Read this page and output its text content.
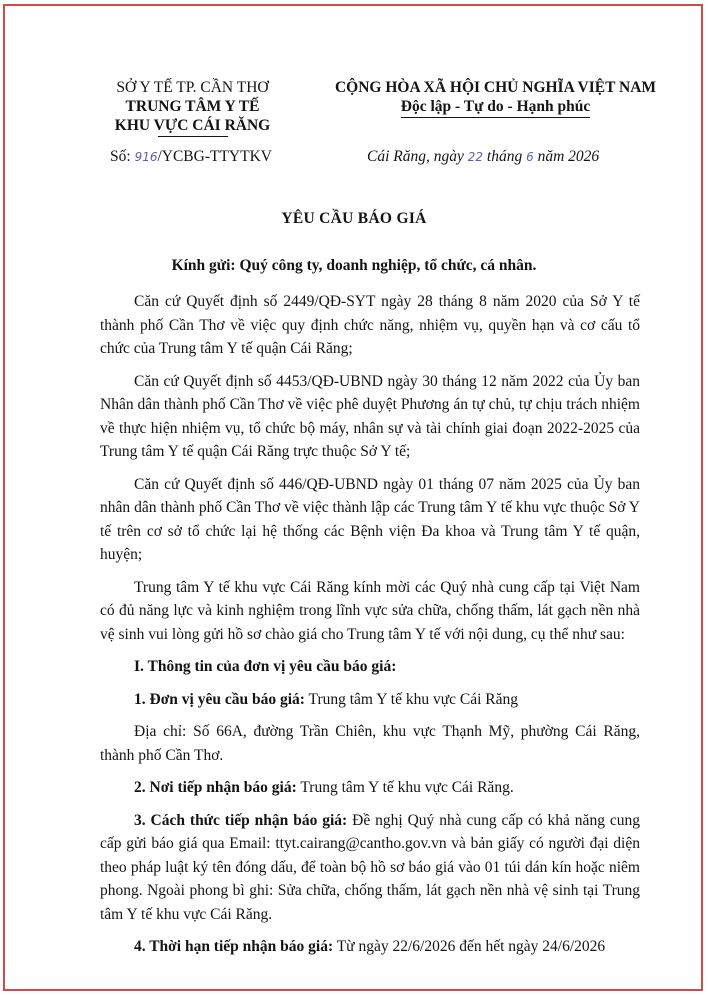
SỞ Y TẾ TP. CẦN THƠ
TRUNG TÂM Y TẾ
KHU VỰC CÁI RĂNG
CỘNG HÒA XÃ HỘI CHỦ NGHĨA VIỆT NAM
Độc lập - Tự do - Hạnh phúc
Số: 916/YCBG-TTYTKV	Cái Răng, ngày 22 tháng 6 năm 2026
YÊU CẦU BÁO GIÁ
Kính gửi: Quý công ty, doanh nghiệp, tổ chức, cá nhân.

Căn cứ Quyết định số 2449/QĐ-SYT ngày 28 tháng 8 năm 2020 của Sở Y tế thành phố Cần Thơ về việc quy định chức năng, nhiệm vụ, quyền hạn và cơ cấu tổ chức của Trung tâm Y tế quận Cái Răng;

Căn cứ Quyết định số 4453/QĐ-UBND ngày 30 tháng 12 năm 2022 của Ủy ban Nhân dân thành phố Cần Thơ về việc phê duyệt Phương án tự chủ, tự chịu trách nhiệm về thực hiện nhiệm vụ, tổ chức bộ máy, nhân sự và tài chính giai đoạn 2022-2025 của Trung tâm Y tế quận Cái Răng trực thuộc Sở Y tế;

Căn cứ Quyết định số 446/QĐ-UBND ngày 01 tháng 07 năm 2025 của Ủy ban nhân dân thành phố Cần Thơ về việc thành lập các Trung tâm Y tế khu vực thuộc Sở Y tế trên cơ sở tổ chức lại hệ thống các Bệnh viện Đa khoa và Trung tâm Y tế quận, huyện;

Trung tâm Y tế khu vực Cái Răng kính mời các Quý nhà cung cấp tại Việt Nam có đủ năng lực và kinh nghiệm trong lĩnh vực sửa chữa, chống thấm, lát gạch nền nhà vệ sinh vui lòng gửi hồ sơ chào giá cho Trung tâm Y tế với nội dung, cụ thể như sau:

I. Thông tin của đơn vị yêu cầu báo giá:

1. Đơn vị yêu cầu báo giá: Trung tâm Y tế khu vực Cái Răng

Địa chỉ: Số 66A, đường Trần Chiên, khu vực Thạnh Mỹ, phường Cái Răng, thành phố Cần Thơ.

2. Nơi tiếp nhận báo giá: Trung tâm Y tế khu vực Cái Răng.

3. Cách thức tiếp nhận báo giá: Đề nghị Quý nhà cung cấp có khả năng cung cấp gửi báo giá qua Email: ttyt.cairang@cantho.gov.vn và bản giấy có người đại diện theo pháp luật ký tên đóng dấu, để toàn bộ hồ sơ báo giá vào 01 túi dán kín hoặc niêm phong. Ngoài phong bì ghi: Sửa chữa, chống thấm, lát gạch nền nhà vệ sinh tại Trung tâm Y tế khu vực Cái Răng.

4. Thời hạn tiếp nhận báo giá: Từ ngày 22/6/2026 đến hết ngày 24/6/2026
